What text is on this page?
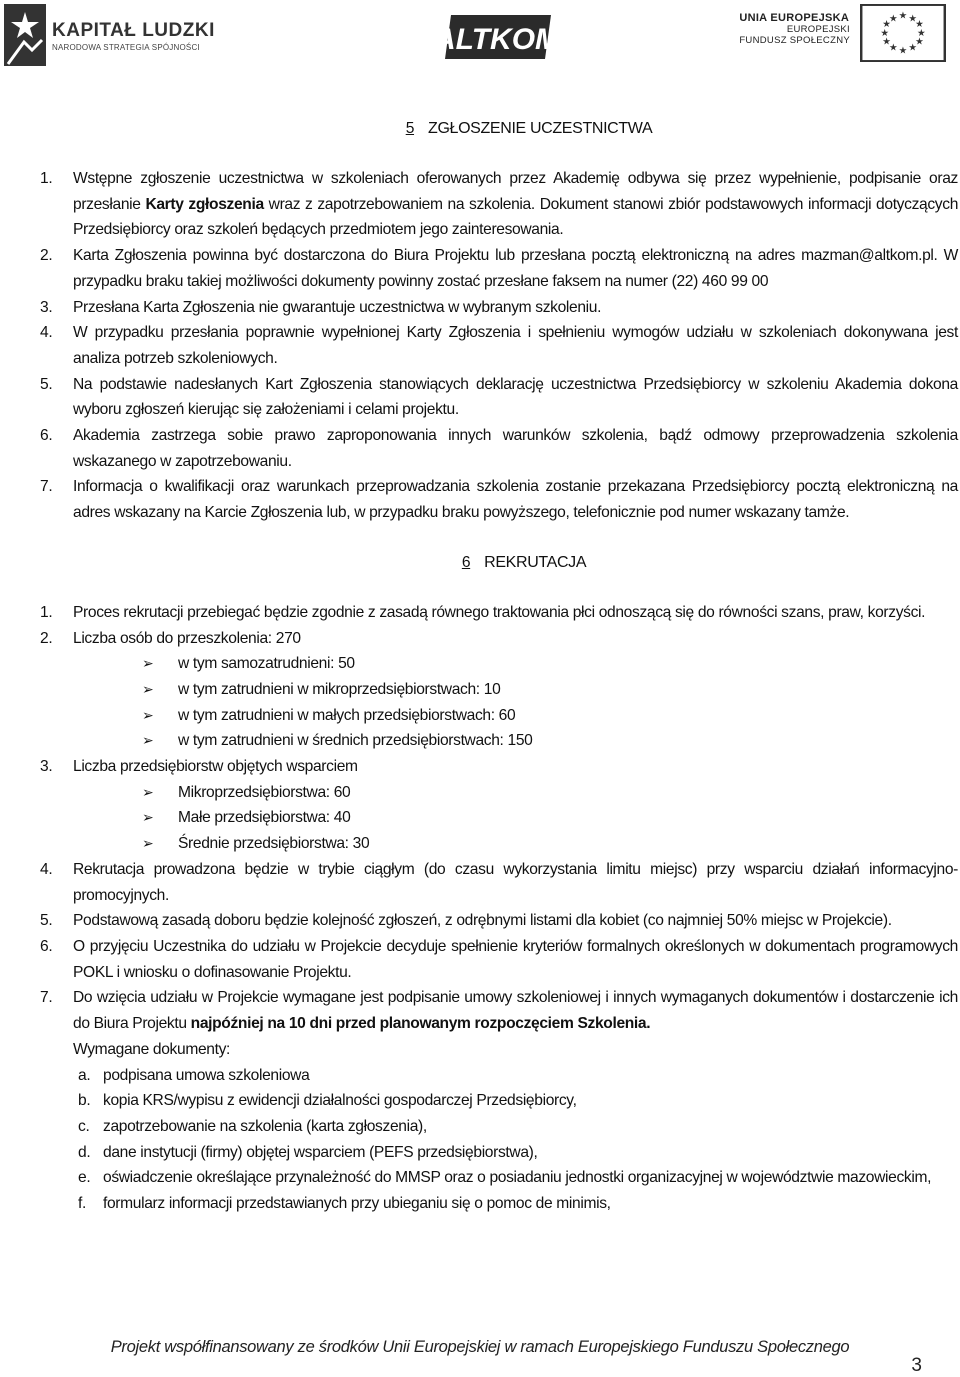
KAPITAŁ LUDZKI
NARODOWA STRATEGIA SPÓJNOŚCI	ALTKOM
UNIA EUROPEJSKA
EUROPEJSKI
FUNDUSZ SPOŁECZNY
★ ★
★
★
★
★
★
★
★
★
★
★
5 ZGŁOSZENIE UCZESTNICTWA
1. Wstępne zgłoszenie uczestnictwa w szkoleniach oferowanych przez Akademię odbywa się przez wypełnienie, podpisanie oraz przesłanie Karty zgłoszenia wraz z zapotrzebowaniem na szkolenia. Dokument stanowi zbiór podstawowych informacji dotyczących Przedsiębiorcy oraz szkoleń będących przedmiotem jego zainteresowania.
2. Karta Zgłoszenia powinna być dostarczona do Biura Projektu lub przesłana pocztą elektroniczną na adres mazman@altkom.pl. W przypadku braku takiej możliwości dokumenty powinny zostać przesłane faksem na numer (22) 460 99 00
3. Przesłana Karta Zgłoszenia nie gwarantuje uczestnictwa w wybranym szkoleniu.
4. W przypadku przesłania poprawnie wypełnionej Karty Zgłoszenia i spełnieniu wymogów udziału w szkoleniach dokonywana jest analiza potrzeb szkoleniowych.
5. Na podstawie nadesłanych Kart Zgłoszenia stanowiących deklarację uczestnictwa Przedsiębiorcy w szkoleniu Akademia dokona wyboru zgłoszeń kierując się założeniami i celami projektu.
6. Akademia zastrzega sobie prawo zaproponowania innych warunków szkolenia, bądź odmowy przeprowadzenia szkolenia wskazanego w zapotrzebowaniu.
7. Informacja o kwalifikacji oraz warunkach przeprowadzania szkolenia zostanie przekazana Przedsiębiorcy pocztą elektroniczną na adres wskazany na Karcie Zgłoszenia lub, w przypadku braku powyższego, telefonicznie pod numer wskazany tamże.
6 REKRUTACJA
1. Proces rekrutacji przebiegać będzie zgodnie z zasadą równego traktowania płci odnoszącą się do równości szans, praw, korzyści.
2. Liczba osób do przeszkolenia: 270
➢ w tym samozatrudnieni: 50
➢ w tym zatrudnieni w mikroprzedsiębiorstwach: 10
➢ w tym zatrudnieni w małych przedsiębiorstwach: 60
➢ w tym zatrudnieni w średnich przedsiębiorstwach: 150
3. Liczba przedsiębiorstw objętych wsparciem
➢ Mikroprzedsiębiorstwa: 60
➢ Małe przedsiębiorstwa: 40
➢ Średnie przedsiębiorstwa: 30
4. Rekrutacja prowadzona będzie w trybie ciągłym (do czasu wykorzystania limitu miejsc) przy wsparciu działań informacyjno-promocyjnych.
5. Podstawową zasadą doboru będzie kolejność zgłoszeń, z odrębnymi listami dla kobiet (co najmniej 50% miejsc w Projekcie).
6. O przyjęciu Uczestnika do udziału w Projekcie decyduje spełnienie kryteriów formalnych określonych w dokumentach programowych POKL i wniosku o dofinasowanie Projektu.
7. Do wzięcia udziału w Projekcie wymagane jest podpisanie umowy szkoleniowej i innych wymaganych dokumentów i dostarczenie ich do Biura Projektu najpóźniej na 10 dni przed planowanym rozpoczęciem Szkolenia.
Wymagane dokumenty:
a. podpisana umowa szkoleniowa
b. kopia KRS/wypisu z ewidencji działalności gospodarczej Przedsiębiorcy,
c. zapotrzebowanie na szkolenia (karta zgłoszenia),
d. dane instytucji (firmy) objętej wsparciem (PEFS przedsiębiorstwa),
e. oświadczenie określające przynależność do MMSP oraz o posiadaniu jednostki organizacyjnej w województwie mazowieckim,
f. formularz informacji przedstawianych przy ubieganiu się o pomoc de minimis,
Projekt współfinansowany ze środków Unii Europejskiej w ramach Europejskiego Funduszu Społecznego
3
